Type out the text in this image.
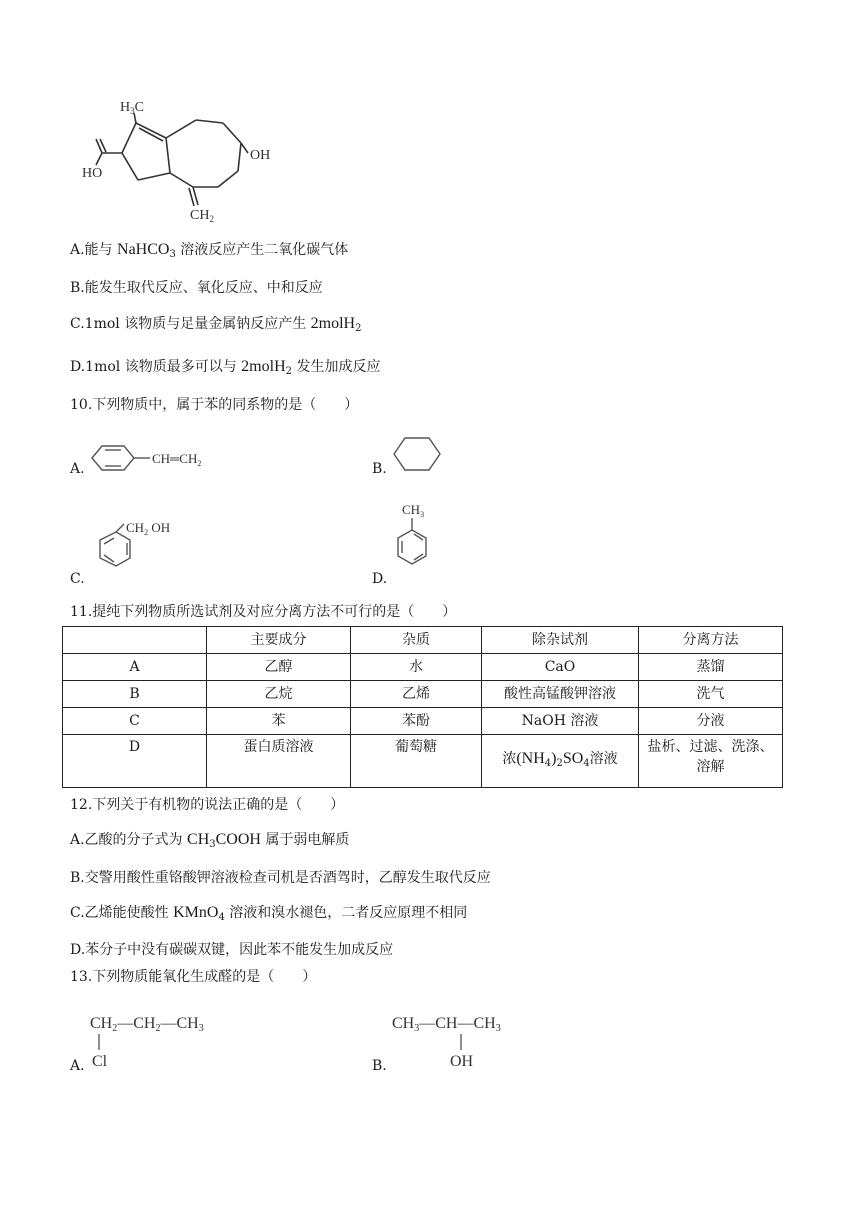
$H_3C$
OH
HO
$CH_2$
A.能与 NaHCO$_3$ 溶液反应产生二氧化碳气体
B.能发生取代反应、氧化反应、中和反应
C.1mol 该物质与足量金属钠反应产生 2molH$_2$
D.1mol 该物质最多可以与 2molH$_2$ 发生加成反应
10.下列物质中，属于苯的同系物的是（　　）
A.
$CH═CH_2$	B.
C.
$CH_2$ OH
D.
$CH_3$
11.提纯下列物质所选试剂及对应分离方法不可行的是（　　）
	主要成分	杂质	除杂试剂	分离方法
A	乙醇	水	CaO	蒸馏
B	乙烷	乙烯	酸性高锰酸钾溶液	洗气
C	苯	苯酚	NaOH 溶液	分液
D	蛋白质溶液	葡萄糖	浓$(NH_4)_2SO_4$溶液	盐析、过滤、洗涤、
溶解
12.下列关于有机物的说法正确的是（　　）
A.乙酸的分子式为 $CH_3COOH$ 属于弱电解质
B.交警用酸性重铬酸钾溶液检查司机是否酒驾时，乙醇发生取代反应
C.乙烯能使酸性 KMnO$_4$ 溶液和溴水褪色，二者反应原理不相同
D.苯分子中没有碳碳双键，因此苯不能发生加成反应
13.下列物质能氧化生成醛的是（　　）
A.
CH2—CH2—CH3
Cl	B.
CH3—CH—CH3
OH
